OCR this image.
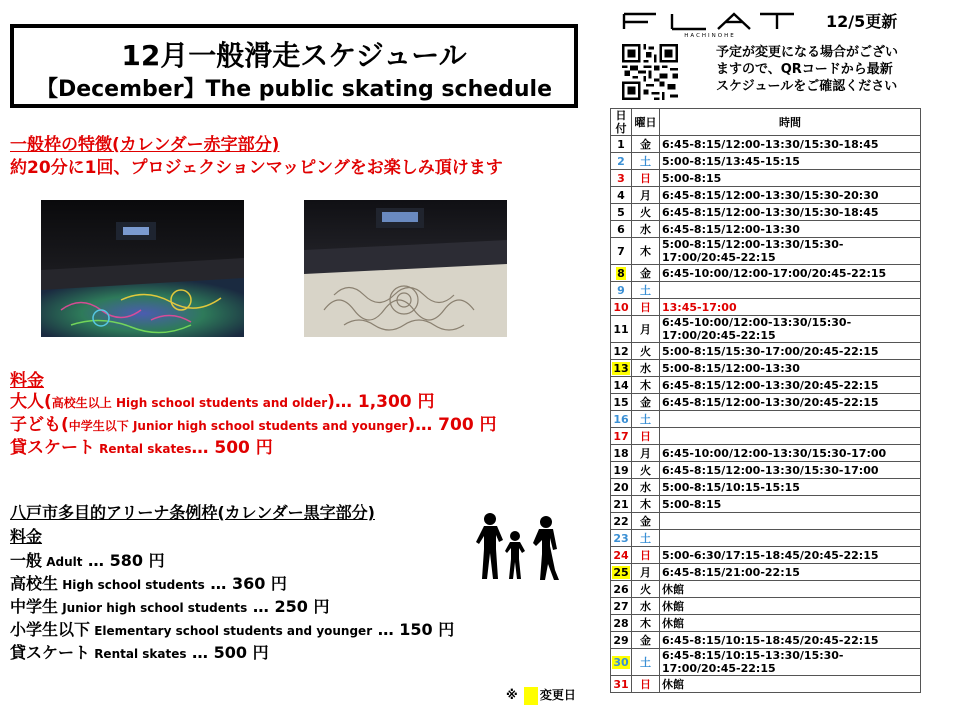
12月一般滑走スケジュール
【December】The public skating schedule
HACHINOHE
12/5更新
予定が変更になる場合がござい
ますので、QRコードから最新
スケジュールをご確認ください
一般枠の特徴(カレンダー赤字部分)
約20分に1回、プロジェクションマッピングをお楽しみ頂けます
料金
大人(高校生以上 High school students and older)… 1,300 円
子ども(中学生以下 Junior high school students and younger)… 700 円
貸スケート Rental skates… 500 円
八戸市多目的アリーナ条例枠(カレンダー黒字部分)
料金
一般 Adult … 580 円
高校生 High school students … 360 円
中学生 Junior high school students … 250 円
小学生以下 Elementary school students and younger … 150 円
貸スケート Rental skates … 500 円
※ 変更日
日付	曜日	時間
1	金	6:45-8:15/12:00-13:30/15:30-18:45
2	土	5:00-8:15/13:45-15:15
3	日	5:00-8:15
4	月	6:45-8:15/12:00-13:30/15:30-20:30
5	火	6:45-8:15/12:00-13:30/15:30-18:45
6	水	6:45-8:15/12:00-13:30
7	木	5:00-8:15/12:00-13:30/15:30-17:00/20:45-22:15
8	金	6:45-10:00/12:00-17:00/20:45-22:15
9	土	
10	日	13:45-17:00
11	月	6:45-10:00/12:00-13:30/15:30-17:00/20:45-22:15
12	火	5:00-8:15/15:30-17:00/20:45-22:15
13	水	5:00-8:15/12:00-13:30
14	木	6:45-8:15/12:00-13:30/20:45-22:15
15	金	6:45-8:15/12:00-13:30/20:45-22:15
16	土	
17	日	
18	月	6:45-10:00/12:00-13:30/15:30-17:00
19	火	6:45-8:15/12:00-13:30/15:30-17:00
20	水	5:00-8:15/10:15-15:15
21	木	5:00-8:15
22	金	
23	土	
24	日	5:00-6:30/17:15-18:45/20:45-22:15
25	月	6:45-8:15/21:00-22:15
26	火	休館
27	水	休館
28	木	休館
29	金	6:45-8:15/10:15-18:45/20:45-22:15
30	土	6:45-8:15/10:15-13:30/15:30-17:00/20:45-22:15
31	日	休館
